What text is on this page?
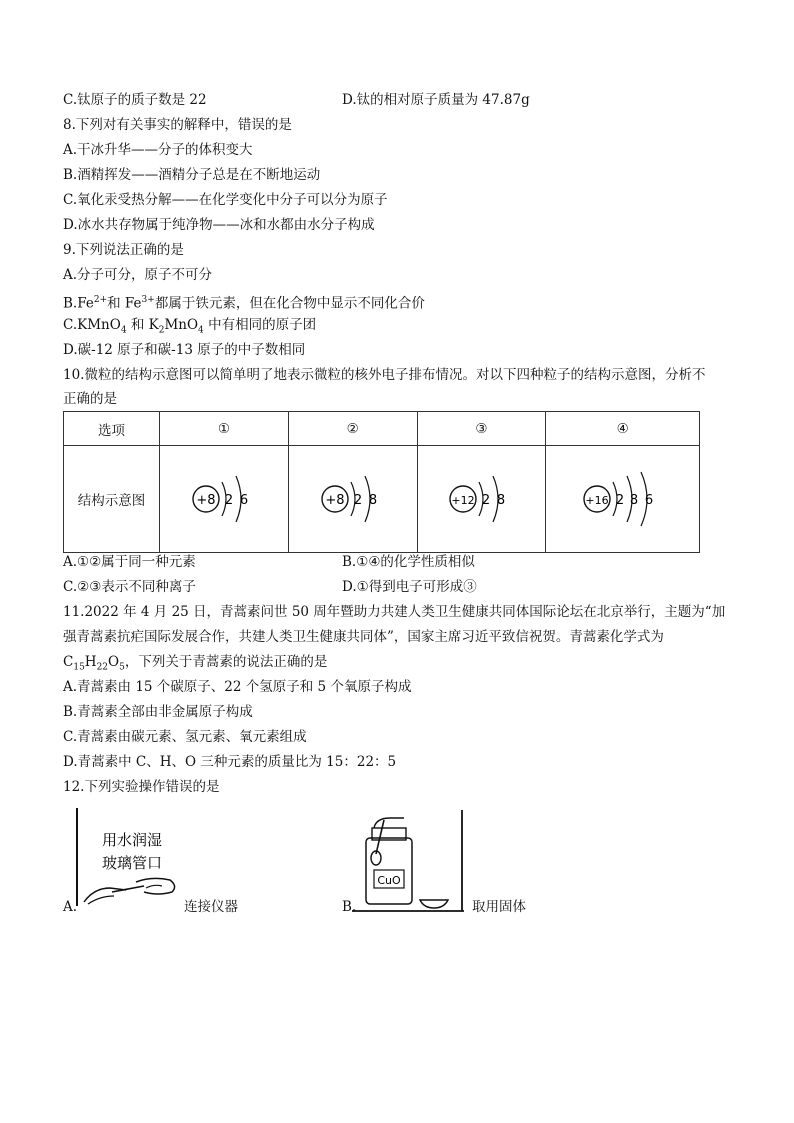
C.钛原子的质子数是 22	D.钛的相对原子质量为 47.87g
8.下列对有关事实的解释中，错误的是
A.干冰升华——分子的体积变大
B.酒精挥发——酒精分子总是在不断地运动
C.氧化汞受热分解——在化学变化中分子可以分为原子
D.冰水共存物属于纯净物——冰和水都由水分子构成
9.下列说法正确的是
A.分子可分，原子不可分
$B.Fe^{2+}$和 $Fe^{3+}$都属于铁元素，但在化合物中显示不同化合价
C.KMnO$_4$ 和 $K_2MnO_4$ 中有相同的原子团
D.碳-12 原子和碳-13 原子的中子数相同
10.微粒的结构示意图可以简单明了地表示微粒的核外电子排布情况。对以下四种粒子的结构示意图，分析不
正确的是
选项	①	②	③	④
结构示意图	+8 2 6	+8 2 8	+12 2 8	+16 2 8 6
A.①②属于同一种元素	B.①④的化学性质相似
C.②③表示不同种离子	D.①得到电子可形成③
11.2022 年 4 月 25 日，青蒿素问世 50 周年暨助力共建人类卫生健康共同体国际论坛在北京举行，主题为“加
强青蒿素抗疟国际发展合作，共建人类卫生健康共同体”，国家主席习近平致信祝贺。青蒿素化学式为
$C_{15}H_{22}O_5$，下列关于青蒿素的说法正确的是
A.青蒿素由 15 个碳原子、22 个氢原子和 5 个氧原子构成
B.青蒿素全部由非金属原子构成
C.青蒿素由碳元素、氢元素、氧元素组成
D.青蒿素中 C、H、O 三种元素的质量比为 15：22：5
12.下列实验操作错误的是
A.
用水润湿
玻璃管口
连接仪器	B.
CuO
取用固体
